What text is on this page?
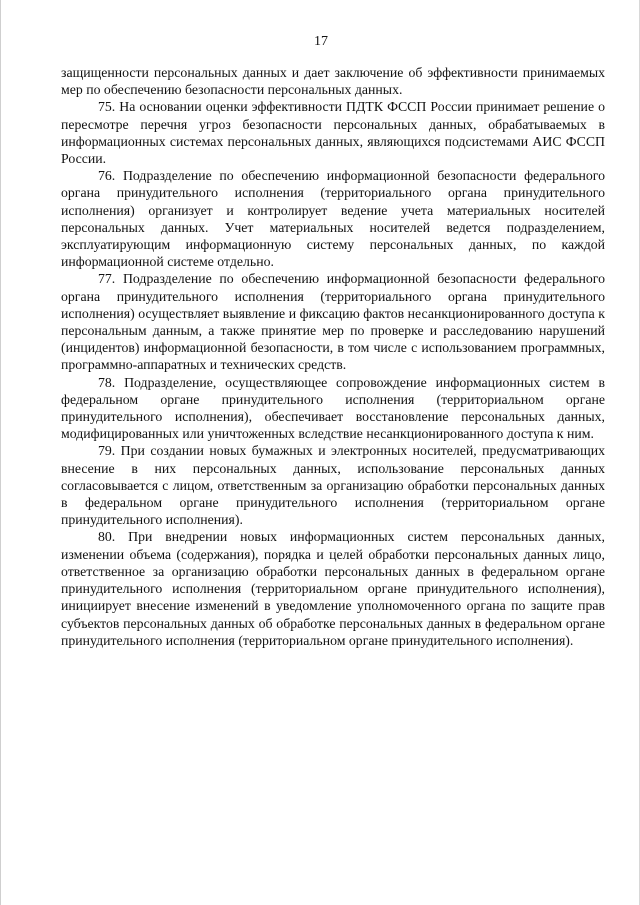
17

защищенности персональных данных и дает заключение об эффективности принимаемых мер по обеспечению безопасности персональных данных.

75. На основании оценки эффективности ПДТК ФССП России принимает решение о пересмотре перечня угроз безопасности персональных данных, обрабатываемых в информационных системах персональных данных, являющихся подсистемами АИС ФССП России.

76. Подразделение по обеспечению информационной безопасности федерального органа принудительного исполнения (территориального органа принудительного исполнения) организует и контролирует ведение учета материальных носителей персональных данных. Учет материальных носителей ведется подразделением, эксплуатирующим информационную систему персональных данных, по каждой информационной системе отдельно.

77. Подразделение по обеспечению информационной безопасности федерального органа принудительного исполнения (территориального органа принудительного исполнения) осуществляет выявление и фиксацию фактов несанкционированного доступа к персональным данным, а также принятие мер по проверке и расследованию нарушений (инцидентов) информационной безопасности, в том числе с использованием программных, программно-аппаратных и технических средств.

78. Подразделение, осуществляющее сопровождение информационных систем в федеральном органе принудительного исполнения (территориальном органе принудительного исполнения), обеспечивает восстановление персональных данных, модифицированных или уничтоженных вследствие несанкционированного доступа к ним.

79. При создании новых бумажных и электронных носителей, предусматривающих внесение в них персональных данных, использование персональных данных согласовывается с лицом, ответственным за организацию обработки персональных данных в федеральном органе принудительного исполнения (территориальном органе принудительного исполнения).

80. При внедрении новых информационных систем персональных данных, изменении объема (содержания), порядка и целей обработки персональных данных лицо, ответственное за организацию обработки персональных данных в федеральном органе принудительного исполнения (территориальном органе принудительного исполнения), инициирует внесение изменений в уведомление уполномоченного органа по защите прав субъектов персональных данных об обработке персональных данных в федеральном органе принудительного исполнения (территориальном органе принудительного исполнения).
